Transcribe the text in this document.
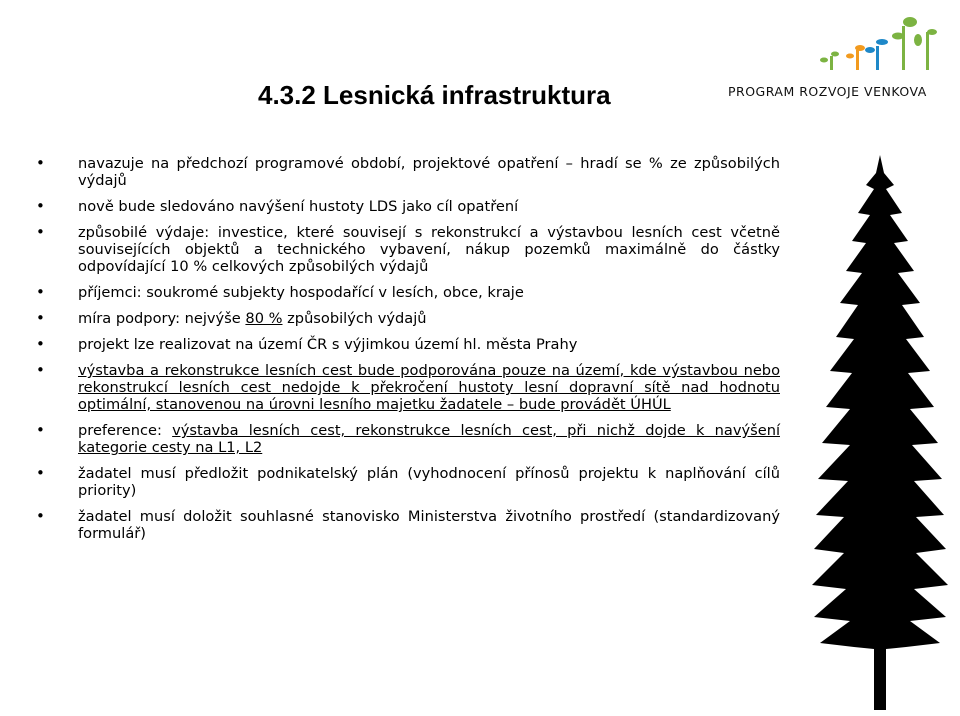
PROGRAM ROZVOJE VENKOVA
4.3.2 Lesnická infrastruktura
• navazuje na předchozí programové období, projektové opatření – hradí se % ze způsobilých výdajů
• nově bude sledováno navýšení hustoty LDS jako cíl opatření
• způsobilé výdaje: investice, které souvisejí s rekonstrukcí a výstavbou lesních cest včetně souvisejících objektů a technického vybavení, nákup pozemků maximálně do částky odpovídající 10 % celkových způsobilých výdajů
• příjemci: soukromé subjekty hospodařící v lesích, obce, kraje
• míra podpory: nejvýše 80 % způsobilých výdajů
• projekt lze realizovat na území ČR s výjimkou území hl. města Prahy
• výstavba a rekonstrukce lesních cest bude podporována pouze na území, kde výstavbou nebo rekonstrukcí lesních cest nedojde k překročení hustoty lesní dopravní sítě nad hodnotu optimální, stanovenou na úrovni lesního majetku žadatele – bude provádět ÚHÚL
• preference: výstavba lesních cest, rekonstrukce lesních cest, při nichž dojde k navýšení kategorie cesty na L1, L2
• žadatel musí předložit podnikatelský plán (vyhodnocení přínosů projektu k naplňování cílů priority)
• žadatel musí doložit souhlasné stanovisko Ministerstva životního prostředí (standardizovaný formulář)
